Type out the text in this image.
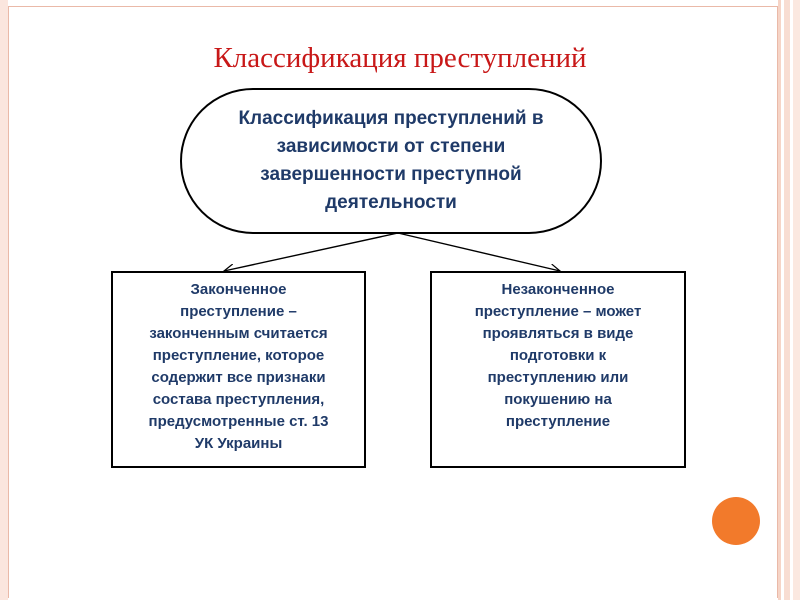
Классификация преступлений
Классификация преступлений в
зависимости от степени
завершенности преступной
деятельности
Законченное
преступление –
законченным считается
преступление, которое
содержит все признаки
состава преступления,
предусмотренные ст. 13
УК Украины
Незаконченное
преступление – может
проявляться в виде
подготовки к
преступлению или
покушению на
преступление
